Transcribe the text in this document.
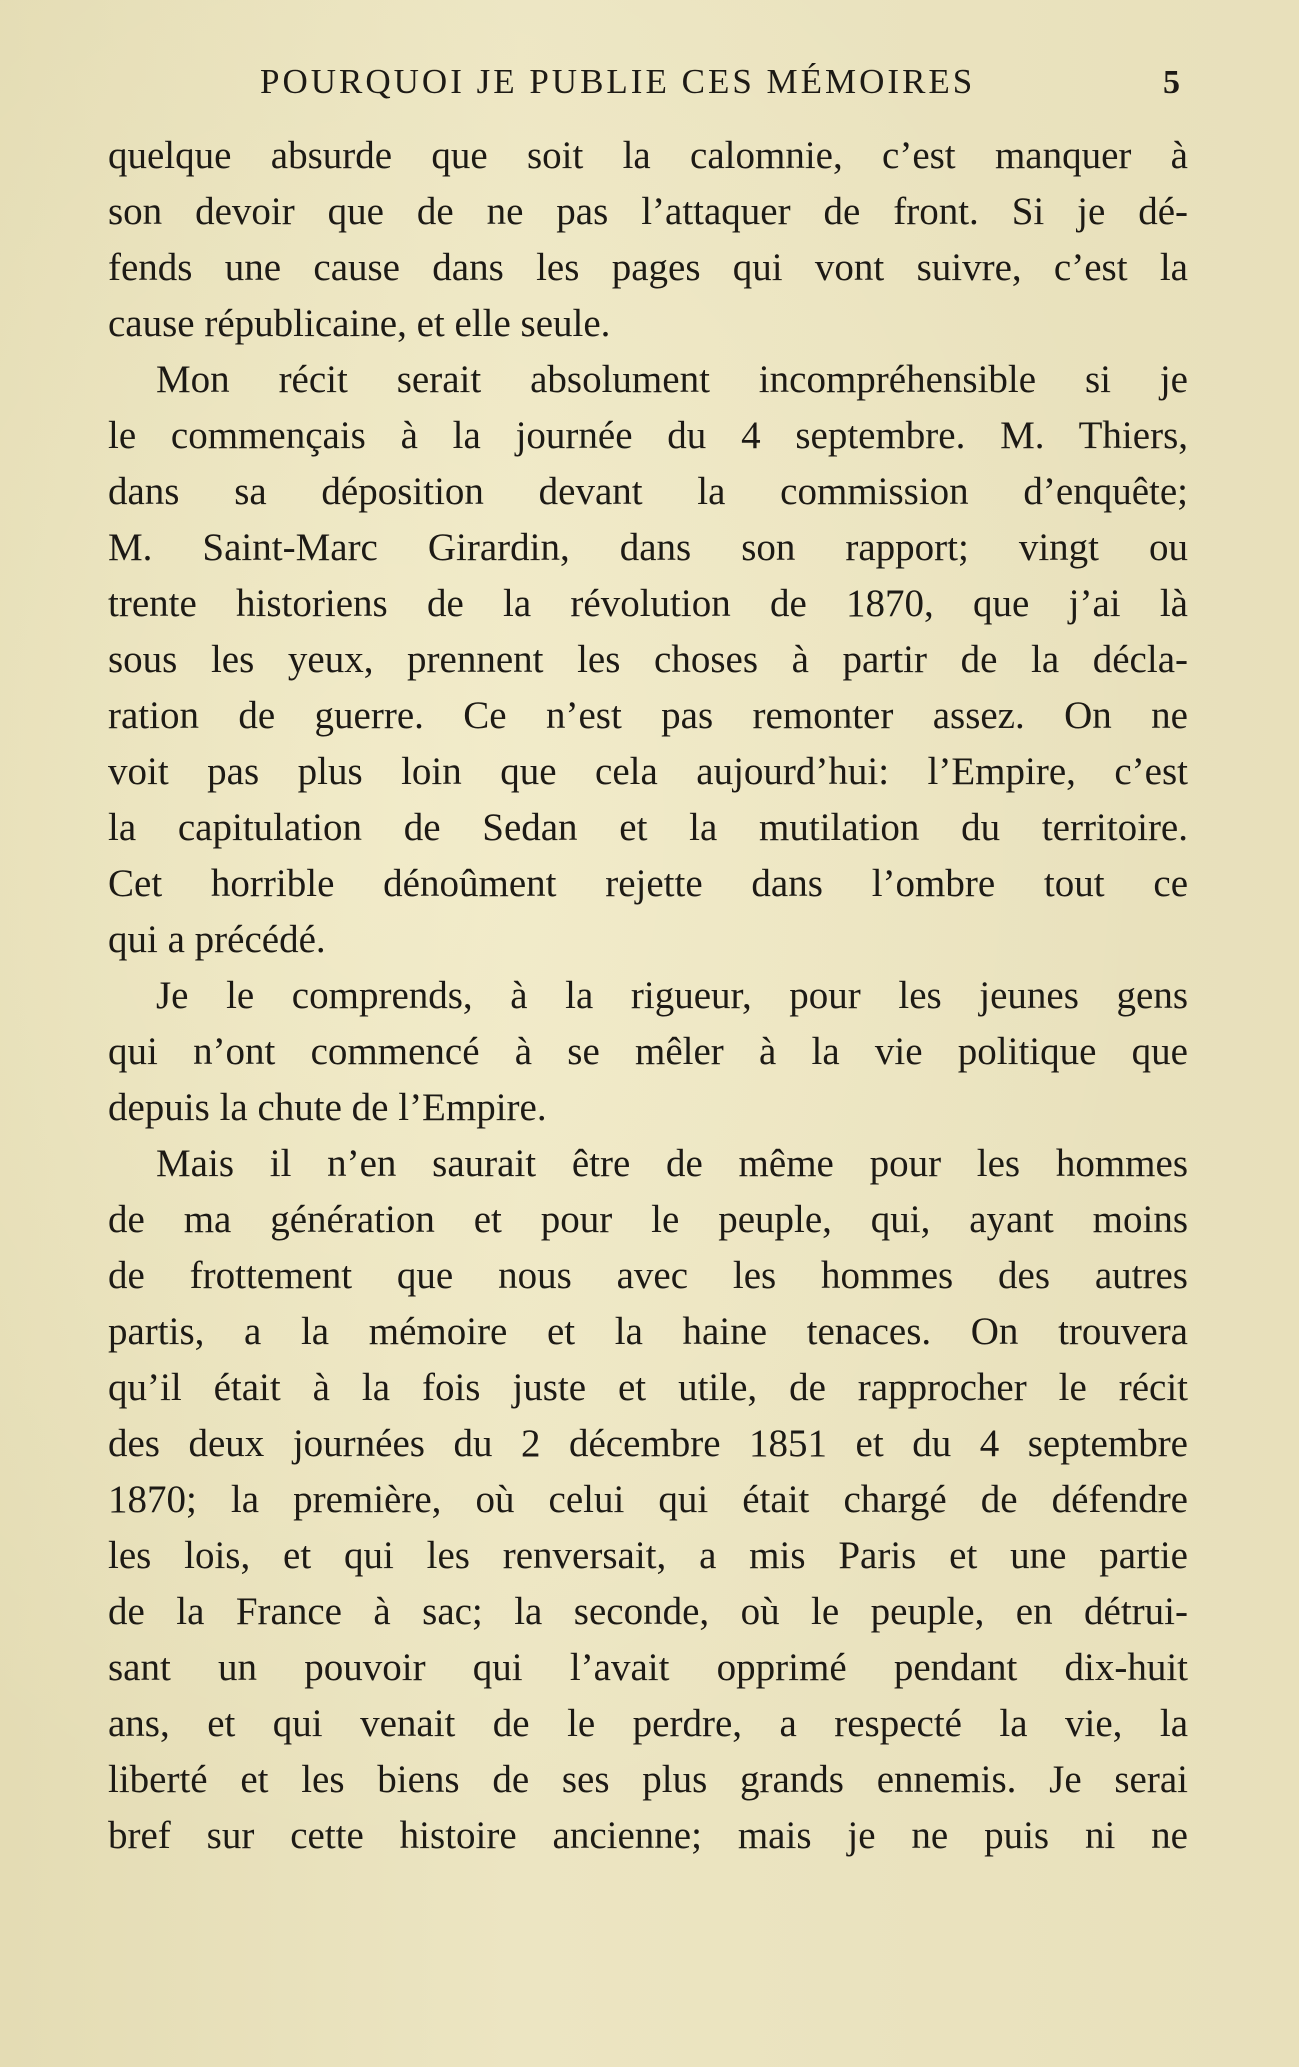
POURQUOI JE PUBLIE CES MÉMOIRES	5
quelque absurde que soit la calomnie, c’est manquer à
son devoir que de ne pas l’attaquer de front. Si je dé-
fends une cause dans les pages qui vont suivre, c’est la
cause républicaine, et elle seule.
Mon récit serait absolument incompréhensible si je
le commençais à la journée du 4 septembre. M. Thiers,
dans sa déposition devant la commission d’enquête;
M. Saint-Marc Girardin, dans son rapport; vingt ou
trente historiens de la révolution de 1870, que j’ai là
sous les yeux, prennent les choses à partir de la décla-
ration de guerre. Ce n’est pas remonter assez. On ne
voit pas plus loin que cela aujourd’hui: l’Empire, c’est
la capitulation de Sedan et la mutilation du territoire.
Cet horrible dénoûment rejette dans l’ombre tout ce
qui a précédé.
Je le comprends, à la rigueur, pour les jeunes gens
qui n’ont commencé à se mêler à la vie politique que
depuis la chute de l’Empire.
Mais il n’en saurait être de même pour les hommes
de ma génération et pour le peuple, qui, ayant moins
de frottement que nous avec les hommes des autres
partis, a la mémoire et la haine tenaces. On trouvera
qu’il était à la fois juste et utile, de rapprocher le récit
des deux journées du 2 décembre 1851 et du 4 septembre
1870; la première, où celui qui était chargé de défendre
les lois, et qui les renversait, a mis Paris et une partie
de la France à sac; la seconde, où le peuple, en détrui-
sant un pouvoir qui l’avait opprimé pendant dix-huit
ans, et qui venait de le perdre, a respecté la vie, la
liberté et les biens de ses plus grands ennemis. Je serai
bref sur cette histoire ancienne; mais je ne puis ni ne
